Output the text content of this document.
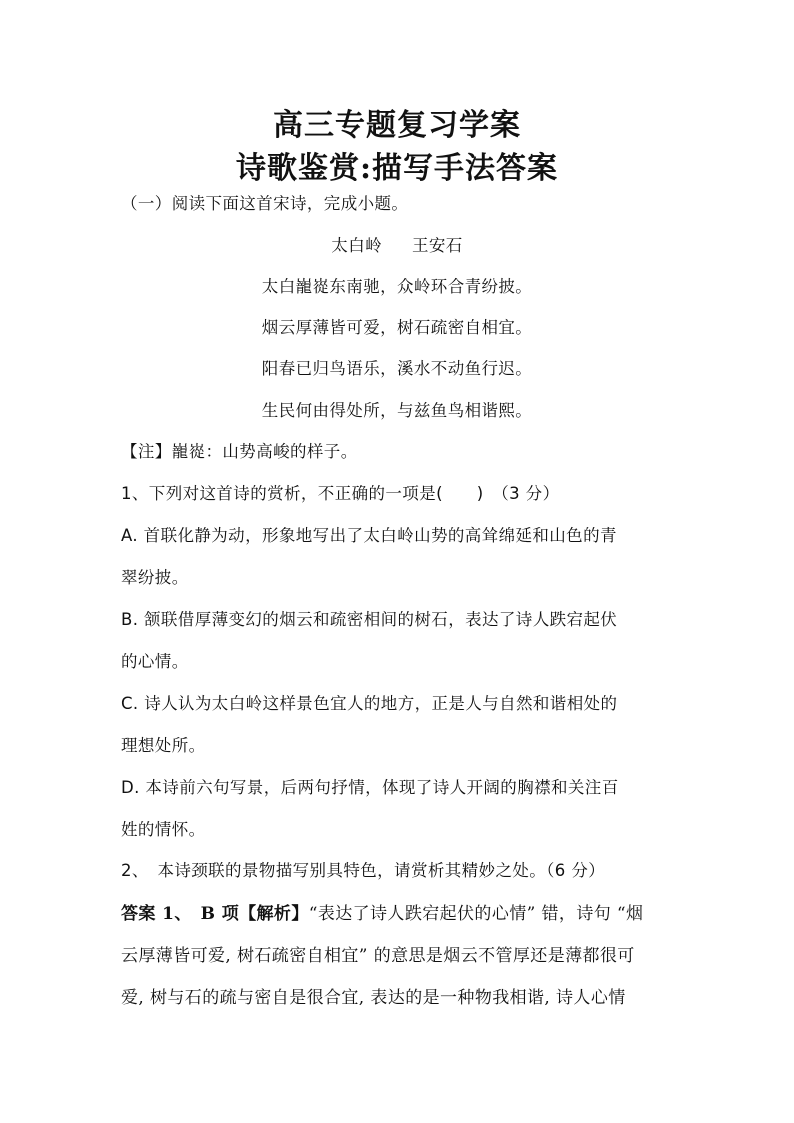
高三专题复习学案
诗歌鉴赏:描写手法答案
（一）阅读下面这首宋诗，完成小题。
太白岭 王安石
太白巃嵸东南驰，众岭环合青纷披。
烟云厚薄皆可爱，树石疏密自相宜。
阳春已归鸟语乐，溪水不动鱼行迟。
生民何由得处所，与兹鱼鸟相谐熙。
【注】巃嵸：山势高峻的样子。
1、下列对这首诗的赏析，不正确的一项是(　　)　（3 分）
A. 首联化静为动，形象地写出了太白岭山势的高耸绵延和山色的青
翠纷披。
B. 颔联借厚薄变幻的烟云和疏密相间的树石，表达了诗人跌宕起伏
的心情。
C. 诗人认为太白岭这样景色宜人的地方，正是人与自然和谐相处的
理想处所。
D. 本诗前六句写景，后两句抒情，体现了诗人开阔的胸襟和关注百
姓的情怀。
2、　本诗颈联的景物描写别具特色，请赏析其精妙之处。（6 分）
答案 1、　B 项【解析】“表达了诗人跌宕起伏的心情” 错，诗句 “烟
云厚薄皆可爱, 树石疏密自相宜” 的意思是烟云不管厚还是薄都很可
爱, 树与石的疏与密自是很合宜, 表达的是一种物我相谐, 诗人心情
